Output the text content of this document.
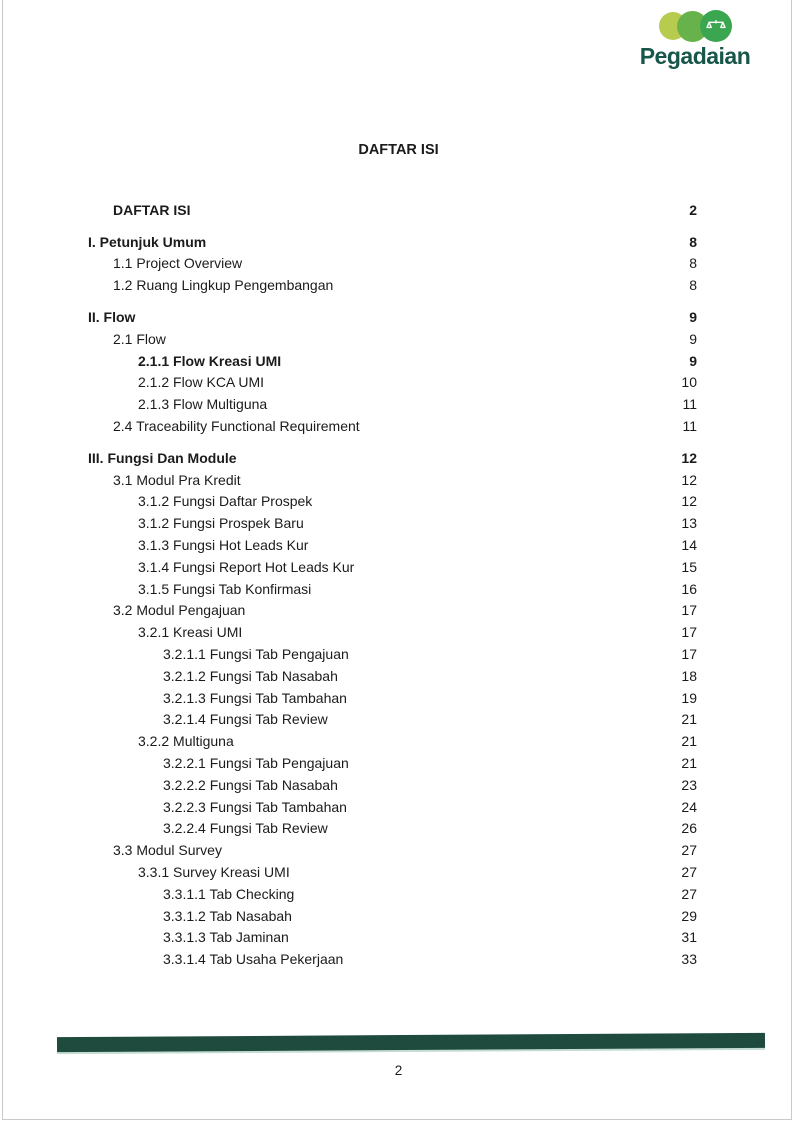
Pegadaian
DAFTAR ISI
DAFTAR ISI	2
I. Petunjuk Umum	8
1.1 Project Overview	8
1.2 Ruang Lingkup Pengembangan	8
II. Flow	9
2.1 Flow	9
2.1.1 Flow Kreasi UMI	9
2.1.2 Flow KCA UMI	10
2.1.3 Flow Multiguna	11
2.4 Traceability Functional Requirement	11
III. Fungsi Dan Module	12
3.1 Modul Pra Kredit	12
3.1.2 Fungsi Daftar Prospek	12
3.1.2 Fungsi Prospek Baru	13
3.1.3 Fungsi Hot Leads Kur	14
3.1.4 Fungsi Report Hot Leads Kur	15
3.1.5 Fungsi Tab Konfirmasi	16
3.2 Modul Pengajuan	17
3.2.1 Kreasi UMI	17
3.2.1.1 Fungsi Tab Pengajuan	17
3.2.1.2 Fungsi Tab Nasabah	18
3.2.1.3 Fungsi Tab Tambahan	19
3.2.1.4 Fungsi Tab Review	21
3.2.2 Multiguna	21
3.2.2.1 Fungsi Tab Pengajuan	21
3.2.2.2 Fungsi Tab Nasabah	23
3.2.2.3 Fungsi Tab Tambahan	24
3.2.2.4 Fungsi Tab Review	26
3.3 Modul Survey	27
3.3.1 Survey Kreasi UMI	27
3.3.1.1 Tab Checking	27
3.3.1.2 Tab Nasabah	29
3.3.1.3 Tab Jaminan	31
3.3.1.4 Tab Usaha Pekerjaan	33
2
